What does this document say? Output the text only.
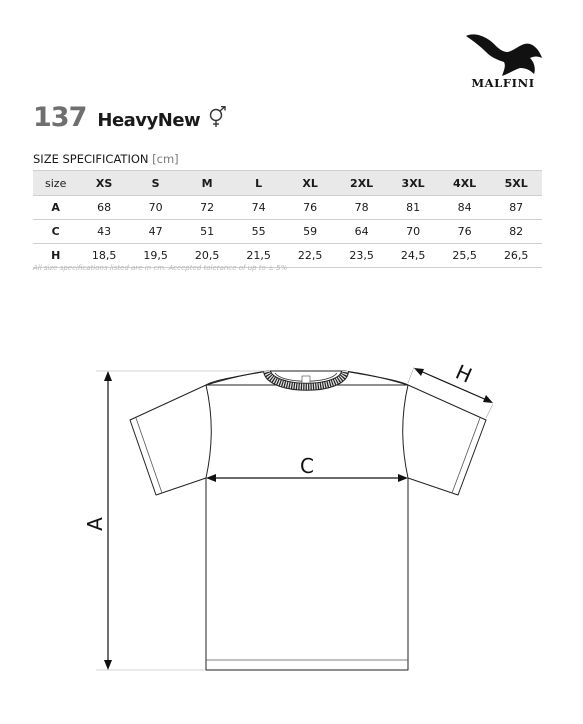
MALFINI
137 HeavyNew
SIZE SPECIFICATION [cm]
size	XS	S	M	L	XL	2XL	3XL	4XL	5XL
A	68	70	72	74	76	78	81	84	87
C	43	47	51	55	59	64	70	76	82
H	18,5	19,5	20,5	21,5	22,5	23,5	24,5	25,5	26,5
All size specifications listed are in cm. Accepted tolerance of up to ± 5%
A
C
H
